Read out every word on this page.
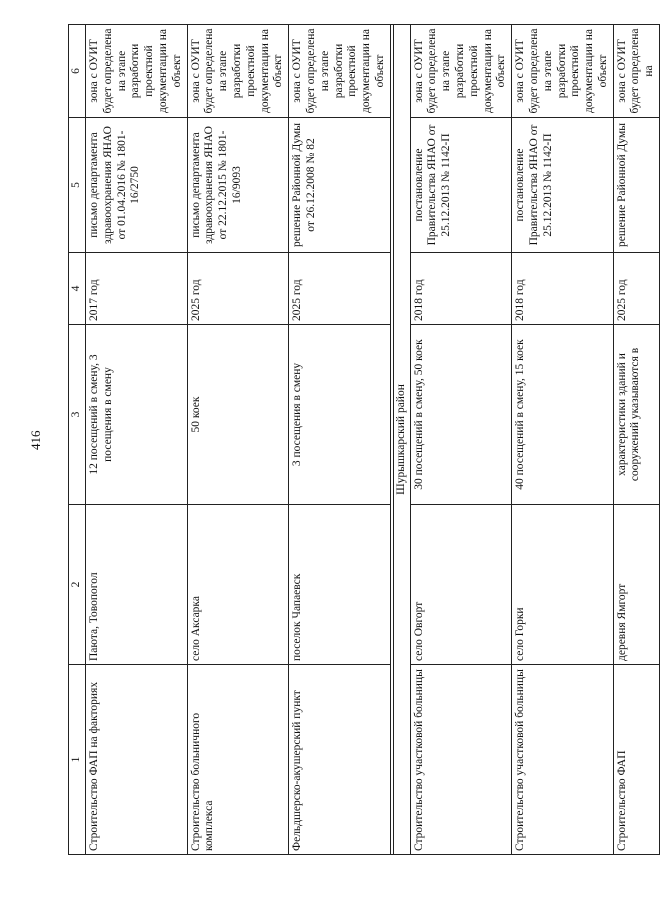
416
1	2	3	4	5	6
Строительство ФАП на факториях	Паюта, Товопогол	12 посещений в смену, 3 посещения в смену	2017 год	письмо департамента здравоохранения ЯНАО от 01.04.2016 № 1801-16/2750	зона с ОУИТ будет определена на этапе разработки проектной документации на объект
Строительство больничного комплекса	село Аксарка	50 коек	2025 год	письмо департамента здравоохранения ЯНАО от 22.12.2015 № 1801-16/9093	зона с ОУИТ будет определена на этапе разработки проектной документации на объект
Фельдшерско-акушерский пункт	поселок Чапаевск	3 посещения в смену	2025 год	решение Районной Думы от 26.12.2008 № 82	зона с ОУИТ будет определена на этапе разработки проектной документации на объект

Шурышкарский район					
Строительство участковой больницы	село Овгорт	30 посещений в смену, 50 коек	2018 год	постановление Правительства ЯНАО от 25.12.2013 № 1142-П	зона с ОУИТ будет определена на этапе разработки проектной документации на объект
Строительство участковой больницы	село Горки	40 посещений в смену, 15 коек	2018 год	постановление Правительства ЯНАО от 25.12.2013 № 1142-П	зона с ОУИТ будет определена на этапе разработки проектной документации на объект
Строительство ФАП	деревня Ямгорт	характеристики зданий и сооружений указываются в	2025 год	решение Районной Думы	зона с ОУИТ будет определена на
